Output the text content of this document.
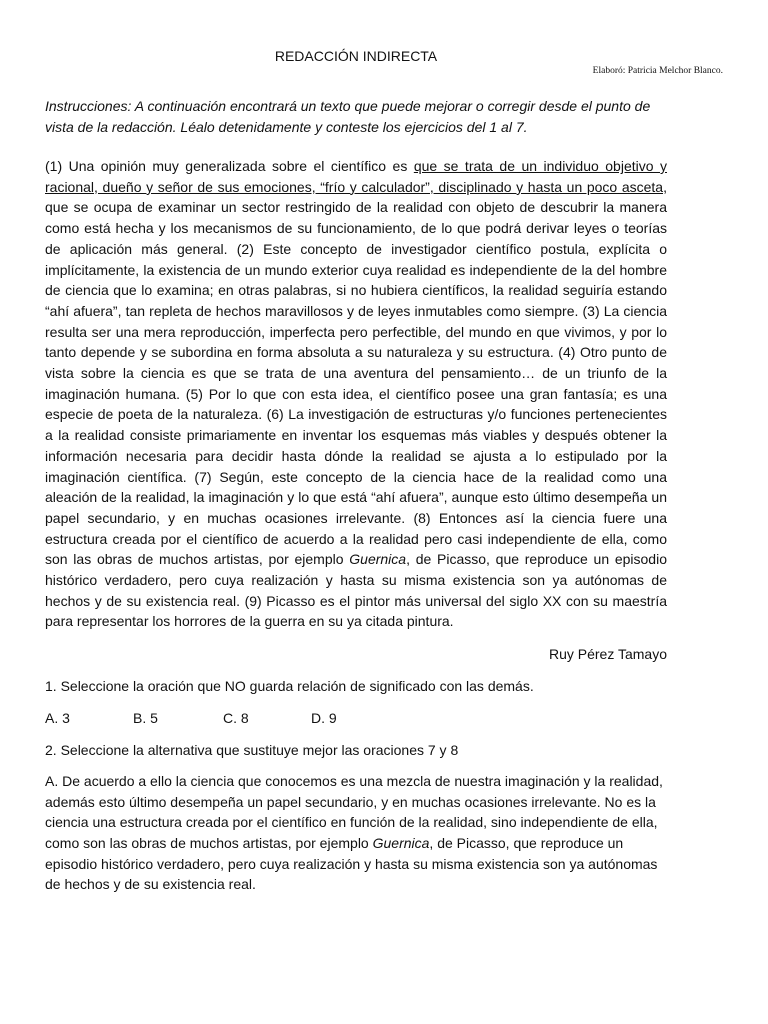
REDACCIÓN INDIRECTA
Elaboró: Patricia Melchor Blanco.
Instrucciones: A continuación encontrará un texto que puede mejorar o corregir desde el punto de vista de la redacción. Léalo detenidamente y conteste los ejercicios del 1 al 7.
(1) Una opinión muy generalizada sobre el científico es que se trata de un individuo objetivo y racional, dueño y señor de sus emociones, “frío y calculador”, disciplinado y hasta un poco asceta, que se ocupa de examinar un sector restringido de la realidad con objeto de descubrir la manera como está hecha y los mecanismos de su funcionamiento, de lo que podrá derivar leyes o teorías de aplicación más general. (2) Este concepto de investigador científico postula, explícita o implícitamente, la existencia de un mundo exterior cuya realidad es independiente de la del hombre de ciencia que lo examina; en otras palabras, si no hubiera científicos, la realidad seguiría estando “ahí afuera”, tan repleta de hechos maravillosos y de leyes inmutables como siempre. (3) La ciencia resulta ser una mera reproducción, imperfecta pero perfectible, del mundo en que vivimos, y por lo tanto depende y se subordina en forma absoluta a su naturaleza y su estructura. (4) Otro punto de vista sobre la ciencia es que se trata de una aventura del pensamiento… de un triunfo de la imaginación humana. (5) Por lo que con esta idea, el científico posee una gran fantasía; es una especie de poeta de la naturaleza. (6) La investigación de estructuras y/o funciones pertenecientes a la realidad consiste primariamente en inventar los esquemas más viables y después obtener la información necesaria para decidir hasta dónde la realidad se ajusta a lo estipulado por la imaginación científica. (7) Según, este concepto de la ciencia hace de la realidad como una aleación de la realidad, la imaginación y lo que está “ahí afuera”, aunque esto último desempeña un papel secundario, y en muchas ocasiones irrelevante. (8) Entonces así la ciencia fuere una estructura creada por el científico de acuerdo a la realidad pero casi independiente de ella, como son las obras de muchos artistas, por ejemplo Guernica, de Picasso, que reproduce un episodio histórico verdadero, pero cuya realización y hasta su misma existencia son ya autónomas de hechos y de su existencia real. (9) Picasso es el pintor más universal del siglo XX con su maestría para representar los horrores de la guerra en su ya citada pintura.
Ruy Pérez Tamayo
1. Seleccione la oración que NO guarda relación de significado con las demás.
A. 3	B. 5	C. 8	D. 9
2. Seleccione la alternativa que sustituye mejor las oraciones 7 y 8
A. De acuerdo a ello la ciencia que conocemos es una mezcla de nuestra imaginación y la realidad, además esto último desempeña un papel secundario, y en muchas ocasiones irrelevante. No es la ciencia una estructura creada por el científico en función de la realidad, sino independiente de ella, como son las obras de muchos artistas, por ejemplo Guernica, de Picasso, que reproduce un episodio histórico verdadero, pero cuya realización y hasta su misma existencia son ya autónomas de hechos y de su existencia real.
